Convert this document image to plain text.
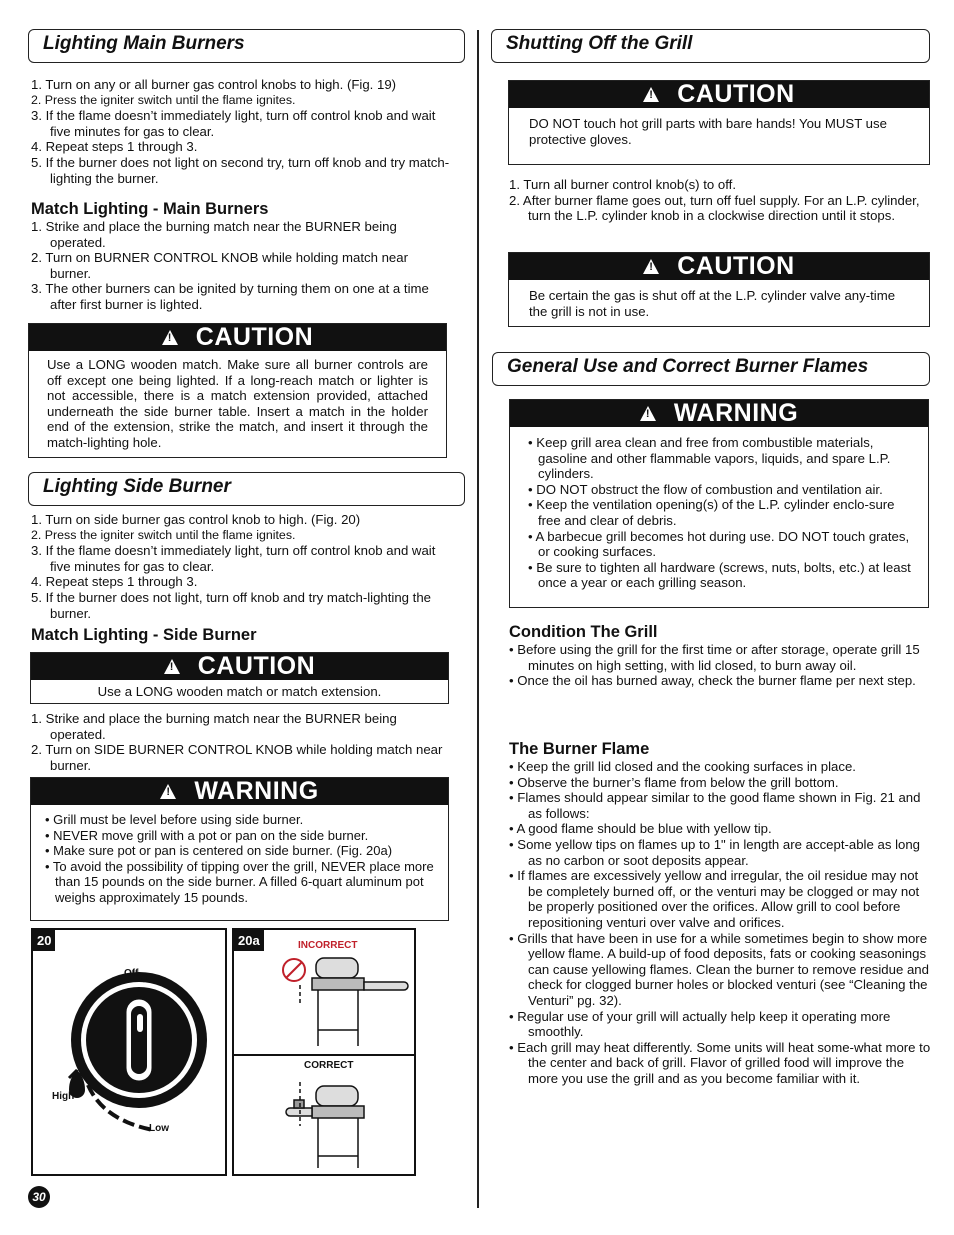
Lighting Main Burners
1. Turn on any or all burner gas control knobs to high. (Fig. 19)
2. Press the igniter switch until the flame ignites.
3. If the flame doesn’t immediately light, turn off control knob and wait five minutes for gas to clear.
4. Repeat steps 1 through 3.
5. If the burner does not light on second try, turn off knob and try match-lighting the burner.
Match Lighting - Main Burners
1. Strike and place the burning match near the BURNER being operated.
2. Turn on BURNER CONTROL KNOB while holding match near burner.
3. The other burners can be ignited by turning them on one at a time after first burner is lighted.
!
CAUTION
Use a LONG wooden match. Make sure all burner controls are off except one being lighted. If a long-reach match or lighter is not accessible, there is a match extension provided, attached underneath the side burner table. Insert a match in the holder end of the extension, strike the match, and insert it through the match-lighting hole.
Lighting Side Burner
1. Turn on side burner gas control knob to high. (Fig. 20)
2. Press the igniter switch until the flame ignites.
3. If the flame doesn’t immediately light, turn off control knob and wait five minutes for gas to clear.
4. Repeat steps 1 through 3.
5. If the burner does not light, turn off knob and try match-lighting the burner.
Match Lighting - Side Burner
!
CAUTION
Use a LONG wooden match or match extension.
1. Strike and place the burning match near the BURNER being operated.
2. Turn on SIDE BURNER CONTROL KNOB while holding match near burner.
!
WARNING
• Grill must be level before using side burner.
• NEVER move grill with a pot or pan on the side burner.
• Make sure pot or pan is centered on side burner. (Fig. 20a)
• To avoid the possibility of tipping over the grill, NEVER place more than 15 pounds on the side burner. A filled 6-quart aluminum pot weighs approximately 15 pounds.
20
Off
High
Low
20a	INCORRECT
CORRECT
30
Shutting Off the Grill
!
CAUTION
DO NOT touch hot grill parts with bare hands! You MUST use protective gloves.
1. Turn all burner control knob(s) to off.
2. After burner flame goes out, turn off fuel supply. For an L.P. cylinder, turn the L.P. cylinder knob in a clockwise direction until it stops.
!
CAUTION
Be certain the gas is shut off at the L.P. cylinder valve any-time the grill is not in use.
General Use and Correct Burner Flames
!
WARNING
• Keep grill area clean and free from combustible materials, gasoline and other flammable vapors, liquids, and spare L.P. cylinders.
• DO NOT obstruct the flow of combustion and ventilation air.
• Keep the ventilation opening(s) of the L.P. cylinder enclo-sure free and clear of debris.
• A barbecue grill becomes hot during use. DO NOT touch grates, or cooking surfaces.
• Be sure to tighten all hardware (screws, nuts, bolts, etc.) at least once a year or each grilling season.
Condition The Grill
• Before using the grill for the first time or after storage, operate grill 15 minutes on high setting, with lid closed, to burn away oil.
• Once the oil has burned away, check the burner flame per next step.
The Burner Flame
• Keep the grill lid closed and the cooking surfaces in place.
• Observe the burner’s flame from below the grill bottom.
• Flames should appear similar to the good flame shown in Fig. 21 and as follows:
• A good flame should be blue with yellow tip.
• Some yellow tips on flames up to 1" in length are accept-able as long as no carbon or soot deposits appear.
• If flames are excessively yellow and irregular, the oil residue may not be completely burned off, or the venturi may be clogged or may not be properly positioned over the orifices. Allow grill to cool before repositioning venturi over valve and orifices.
• Grills that have been in use for a while sometimes begin to show more yellow flame. A build-up of food deposits, fats or cooking seasonings can cause yellowing flames. Clean the burner to remove residue and check for clogged burner holes or blocked venturi (see “Cleaning the Venturi” pg. 32).
• Regular use of your grill will actually help keep it operating more smoothly.
• Each grill may heat differently. Some units will heat some-what more to the center and back of grill. Flavor of grilled food will improve the more you use the grill and as you become familiar with it.
